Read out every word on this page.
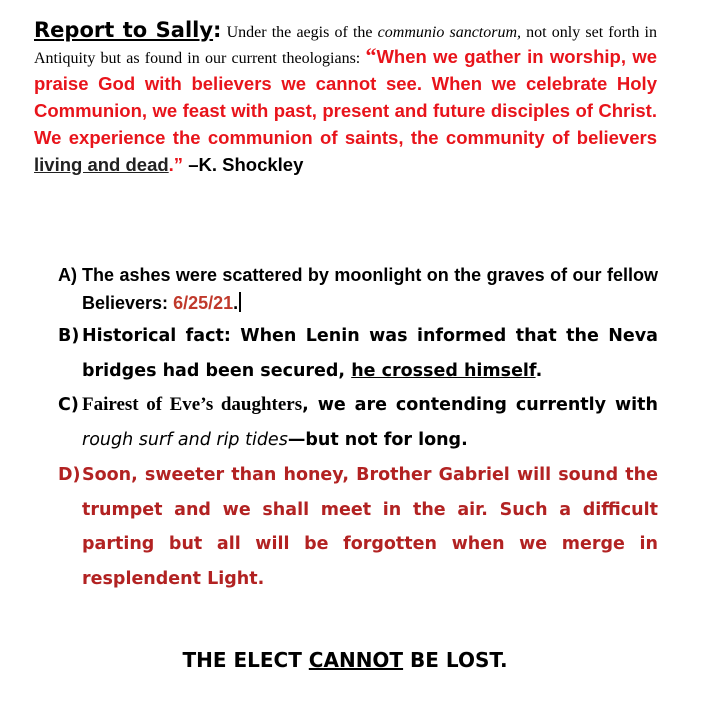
Report to Sally: Under the aegis of the communio sanctorum, not only set forth in Antiquity but as found in our current theologians: “When we gather in worship, we praise God with believers we cannot see. When we celebrate Holy Communion, we feast with past, present and future disciples of Christ. We experience the communion of saints, the community of believers living and dead.” –K. Shockley
A) The ashes were scattered by moonlight on the graves of our fellow Believers: 6/25/21.
B) Historical fact: When Lenin was informed that the Neva bridges had been secured, he crossed himself.
C) Fairest of Eve’s daughters, we are contending currently with rough surf and rip tides—but not for long.
D) Soon, sweeter than honey, Brother Gabriel will sound the trumpet and we shall meet in the air. Such a difficult parting but all will be forgotten when we merge in resplendent Light.
THE ELECT CANNOT BE LOST.
